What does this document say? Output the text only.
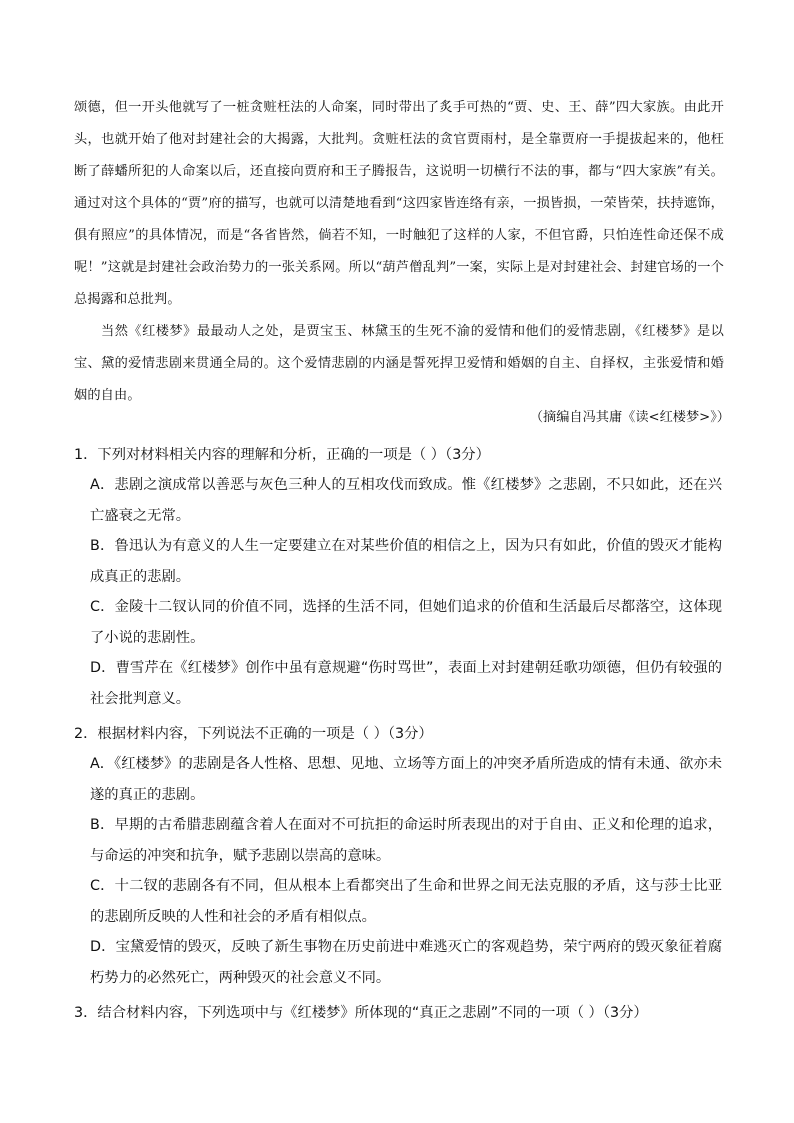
颂德，但一开头他就写了一桩贪赃枉法的人命案，同时带出了炙手可热的“贾、史、王、薛”四大家族。由此开头，也就开始了他对封建社会的大揭露，大批判。贪赃枉法的贪官贾雨村，是全靠贾府一手提拔起来的，他枉断了薛蟠所犯的人命案以后，还直接向贾府和王子腾报告，这说明一切横行不法的事，都与“四大家族”有关。通过对这个具体的“贾”府的描写，也就可以清楚地看到“这四家皆连络有亲，一损皆损，一荣皆荣，扶持遮饰，俱有照应”的具体情况，而是“各省皆然，倘若不知，一时触犯了这样的人家，不但官爵，只怕连性命还保不成呢！”这就是封建社会政治势力的一张关系网。所以“葫芦僧乱判”一案，实际上是对封建社会、封建官场的一个总揭露和总批判。

当然《红楼梦》最最动人之处，是贾宝玉、林黛玉的生死不渝的爱情和他们的爱情悲剧，《红楼梦》是以宝、黛的爱情悲剧来贯通全局的。这个爱情悲剧的内涵是誓死捍卫爱情和婚姻的自主、自择权，主张爱情和婚姻的自由。

（摘编自冯其庸《读<红楼梦>》）
1．下列对材料相关内容的理解和分析，正确的一项是（ ）（3分）
A．悲剧之演成常以善恶与灰色三种人的互相攻伐而致成。惟《红楼梦》之悲剧，不只如此，还在兴亡盛衰之无常。
B．鲁迅认为有意义的人生一定要建立在对某些价值的相信之上，因为只有如此，价值的毁灭才能构成真正的悲剧。
C．金陵十二钗认同的价值不同，选择的生活不同，但她们追求的价值和生活最后尽都落空，这体现了小说的悲剧性。
D．曹雪芹在《红楼梦》创作中虽有意规避“伤时骂世”，表面上对封建朝廷歌功颂德，但仍有较强的社会批判意义。
2．根据材料内容，下列说法不正确的一项是（ ）（3分）
A．《红楼梦》的悲剧是各人性格、思想、见地、立场等方面上的冲突矛盾所造成的情有未通、欲亦未遂的真正的悲剧。
B．早期的古希腊悲剧蕴含着人在面对不可抗拒的命运时所表现出的对于自由、正义和伦理的追求，与命运的冲突和抗争，赋予悲剧以崇高的意味。
C．十二钗的悲剧各有不同，但从根本上看都突出了生命和世界之间无法克服的矛盾，这与莎士比亚的悲剧所反映的人性和社会的矛盾有相似点。
D．宝黛爱情的毁灭，反映了新生事物在历史前进中难逃灭亡的客观趋势，荣宁两府的毁灭象征着腐朽势力的必然死亡，两种毁灭的社会意义不同。
3．结合材料内容，下列选项中与《红楼梦》所体现的“真正之悲剧”不同的一项（ ）（3分）
